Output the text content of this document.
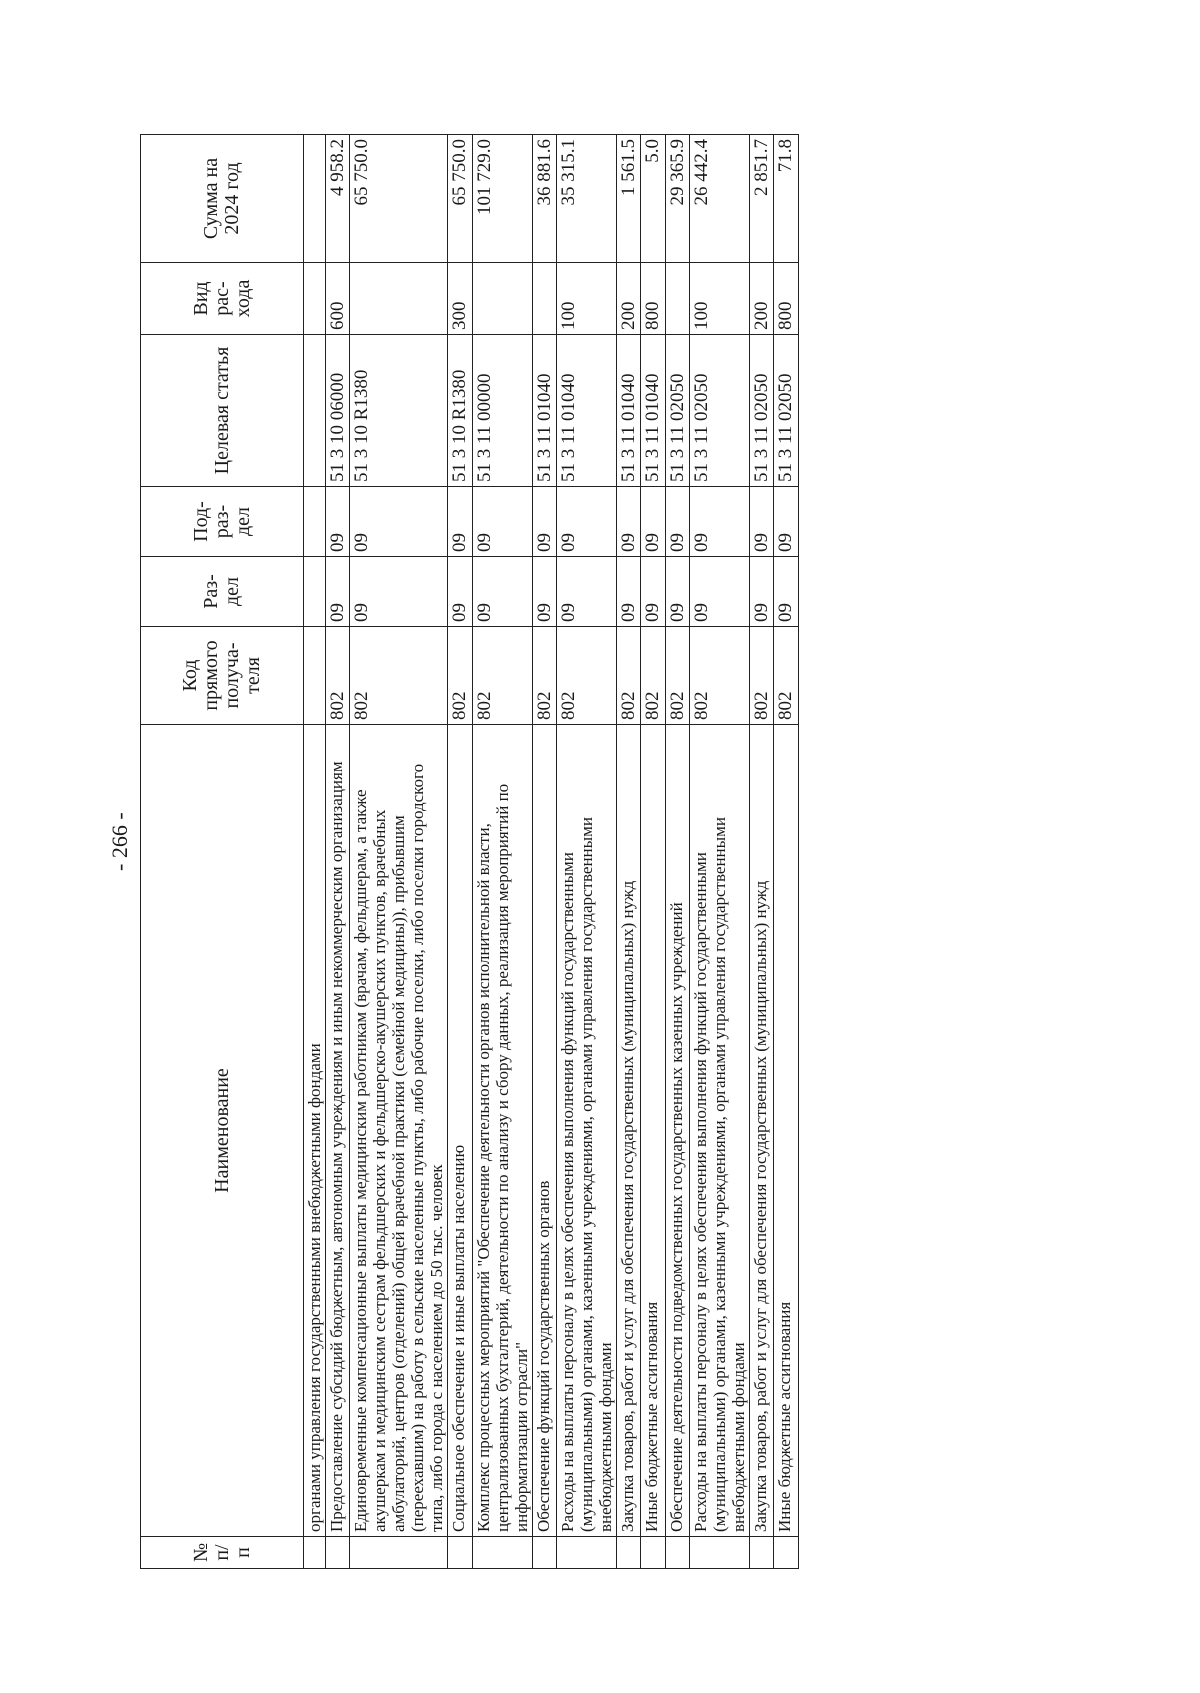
- 266 -
№ п/п	Наименование	Код прямого получа-теля	Раз-дел	Под-раз-дел	Целевая статья	Вид рас-хода	Сумма на 2024 год
	органами управления государственными внебюджетными фондами						
	Предоставление субсидий бюджетным, автономным учреждениям и иным некоммерческим организациям	802	09	09	51 3 10 06000	600	4 958.2
	Единовременные компенсационные выплаты медицинским работникам (врачам, фельдшерам, а также акушеркам и медицинским сестрам фельдшерских и фельдшерско-акушерских пунктов, врачебных амбулаторий, центров (отделений) общей врачебной практики (семейной медицины)), прибывшим (переехавшим) на работу в сельские населенные пункты, либо рабочие поселки, либо поселки городского типа, либо города с населением до 50 тыс. человек	802	09	09	51 3 10 R1380		65 750.0
	Социальное обеспечение и иные выплаты населению	802	09	09	51 3 10 R1380	300	65 750.0
	Комплекс процессных мероприятий "Обеспечение деятельности органов исполнительной власти, централизованных бухгалтерий, деятельности по анализу и сбору данных, реализация мероприятий по информатизации отрасли"	802	09	09	51 3 11 00000		101 729.0
	Обеспечение функций государственных органов	802	09	09	51 3 11 01040		36 881.6
	Расходы на выплаты персоналу в целях обеспечения выполнения функций государственными (муниципальными) органами, казенными учреждениями, органами управления государственными внебюджетными фондами	802	09	09	51 3 11 01040	100	35 315.1
	Закупка товаров, работ и услуг для обеспечения государственных (муниципальных) нужд	802	09	09	51 3 11 01040	200	1 561.5
	Иные бюджетные ассигнования	802	09	09	51 3 11 01040	800	5.0
	Обеспечение деятельности подведомственных государственных казенных учреждений	802	09	09	51 3 11 02050		29 365.9
	Расходы на выплаты персоналу в целях обеспечения выполнения функций государственными (муниципальными) органами, казенными учреждениями, органами управления государственными внебюджетными фондами	802	09	09	51 3 11 02050	100	26 442.4
	Закупка товаров, работ и услуг для обеспечения государственных (муниципальных) нужд	802	09	09	51 3 11 02050	200	2 851.7
	Иные бюджетные ассигнования	802	09	09	51 3 11 02050	800	71.8
